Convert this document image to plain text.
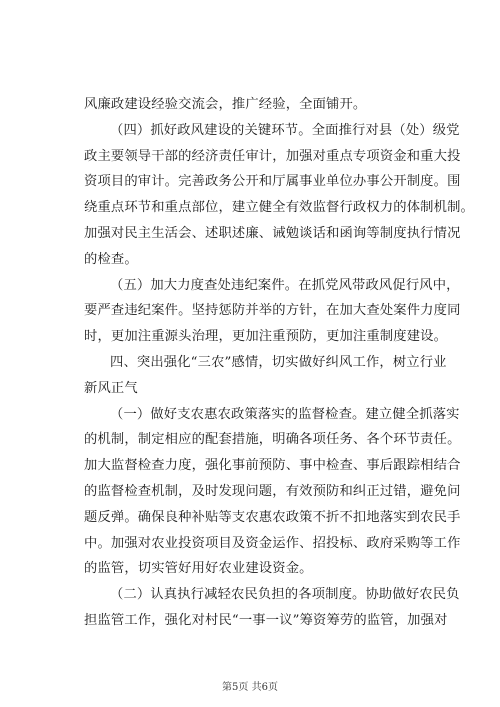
风廉政建设经验交流会，推广经验，全面铺开。
（四）抓好政风建设的关键环节。全面推行对县（处）级党
政主要领导干部的经济责任审计，加强对重点专项资金和重大投
资项目的审计。完善政务公开和厅属事业单位办事公开制度。围
绕重点环节和重点部位，建立健全有效监督行政权力的体制机制。
加强对民主生活会、述职述廉、诫勉谈话和函询等制度执行情况
的检查。
（五）加大力度查处违纪案件。在抓党风带政风促行风中，
要严查违纪案件。坚持惩防并举的方针，在加大查处案件力度同
时，更加注重源头治理，更加注重预防，更加注重制度建设。
四、突出强化“三农”感情，切实做好纠风工作，树立行业
新风正气
（一）做好支农惠农政策落实的监督检查。建立健全抓落实
的机制，制定相应的配套措施，明确各项任务、各个环节责任。
加大监督检查力度，强化事前预防、事中检查、事后跟踪相结合
的监督检查机制，及时发现问题，有效预防和纠正过错，避免问
题反弹。确保良种补贴等支农惠农政策不折不扣地落实到农民手
中。加强对农业投资项目及资金运作、招投标、政府采购等工作
的监管，切实管好用好农业建设资金。
（二）认真执行减轻农民负担的各项制度。协助做好农民负
担监管工作，强化对村民“一事一议”筹资筹劳的监管，加强对
第5页 共6页
